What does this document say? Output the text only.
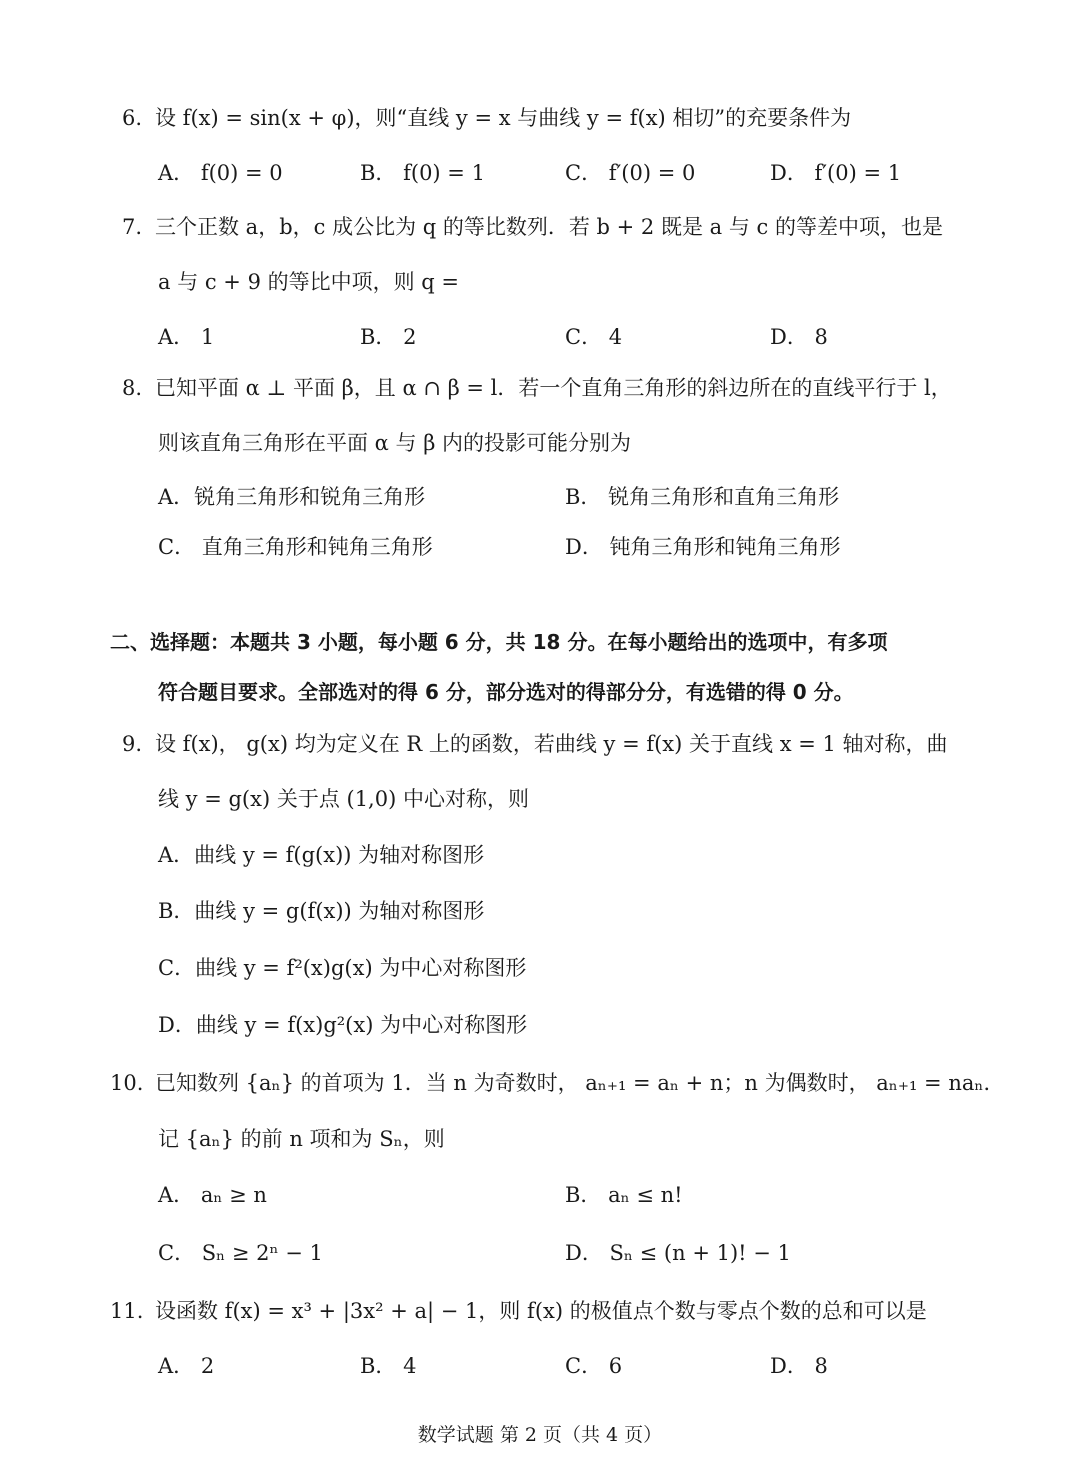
6. 设 f(x) = sin(x + φ)，则“直线 y = x 与曲线 y = f(x) 相切”的充要条件为
A． f(0) = 0	B． f(0) = 1	C． f′(0) = 0	D． f′(0) = 1
7. 三个正数 a，b，c 成公比为 q 的等比数列．若 b + 2 既是 a 与 c 的等差中项，也是
a 与 c + 9 的等比中项，则 q =
A． 1	B． 2	C． 4	D． 8
8. 已知平面 α ⊥ 平面 β，且 α ∩ β = l．若一个直角三角形的斜边所在的直线平行于 l，
则该直角三角形在平面 α 与 β 内的投影可能分别为
A．锐角三角形和锐角三角形	B． 锐角三角形和直角三角形
C． 直角三角形和钝角三角形	D． 钝角三角形和钝角三角形
二、选择题：本题共 3 小题，每小题 6 分，共 18 分。在每小题给出的选项中，有多项
符合题目要求。全部选对的得 6 分，部分选对的得部分分，有选错的得 0 分。
9. 设 f(x)， g(x) 均为定义在 R 上的函数，若曲线 y = f(x) 关于直线 x = 1 轴对称，曲
线 y = g(x) 关于点 (1,0) 中心对称，则
A．曲线 y = f(g(x)) 为轴对称图形
B．曲线 y = g(f(x)) 为轴对称图形
C．曲线 y = f²(x)g(x) 为中心对称图形
D．曲线 y = f(x)g²(x) 为中心对称图形
10. 已知数列 {aₙ} 的首项为 1．当 n 为奇数时， aₙ₊₁ = aₙ + n；n 为偶数时， aₙ₊₁ = naₙ．
记 {aₙ} 的前 n 项和为 Sₙ，则
A． aₙ ≥ n	B． aₙ ≤ n!
C． Sₙ ≥ 2ⁿ − 1	D． Sₙ ≤ (n + 1)! − 1
11. 设函数 f(x) = x³ + |3x² + a| − 1，则 f(x) 的极值点个数与零点个数的总和可以是
A． 2	B． 4	C． 6	D． 8
数学试题 第 2 页（共 4 页）
